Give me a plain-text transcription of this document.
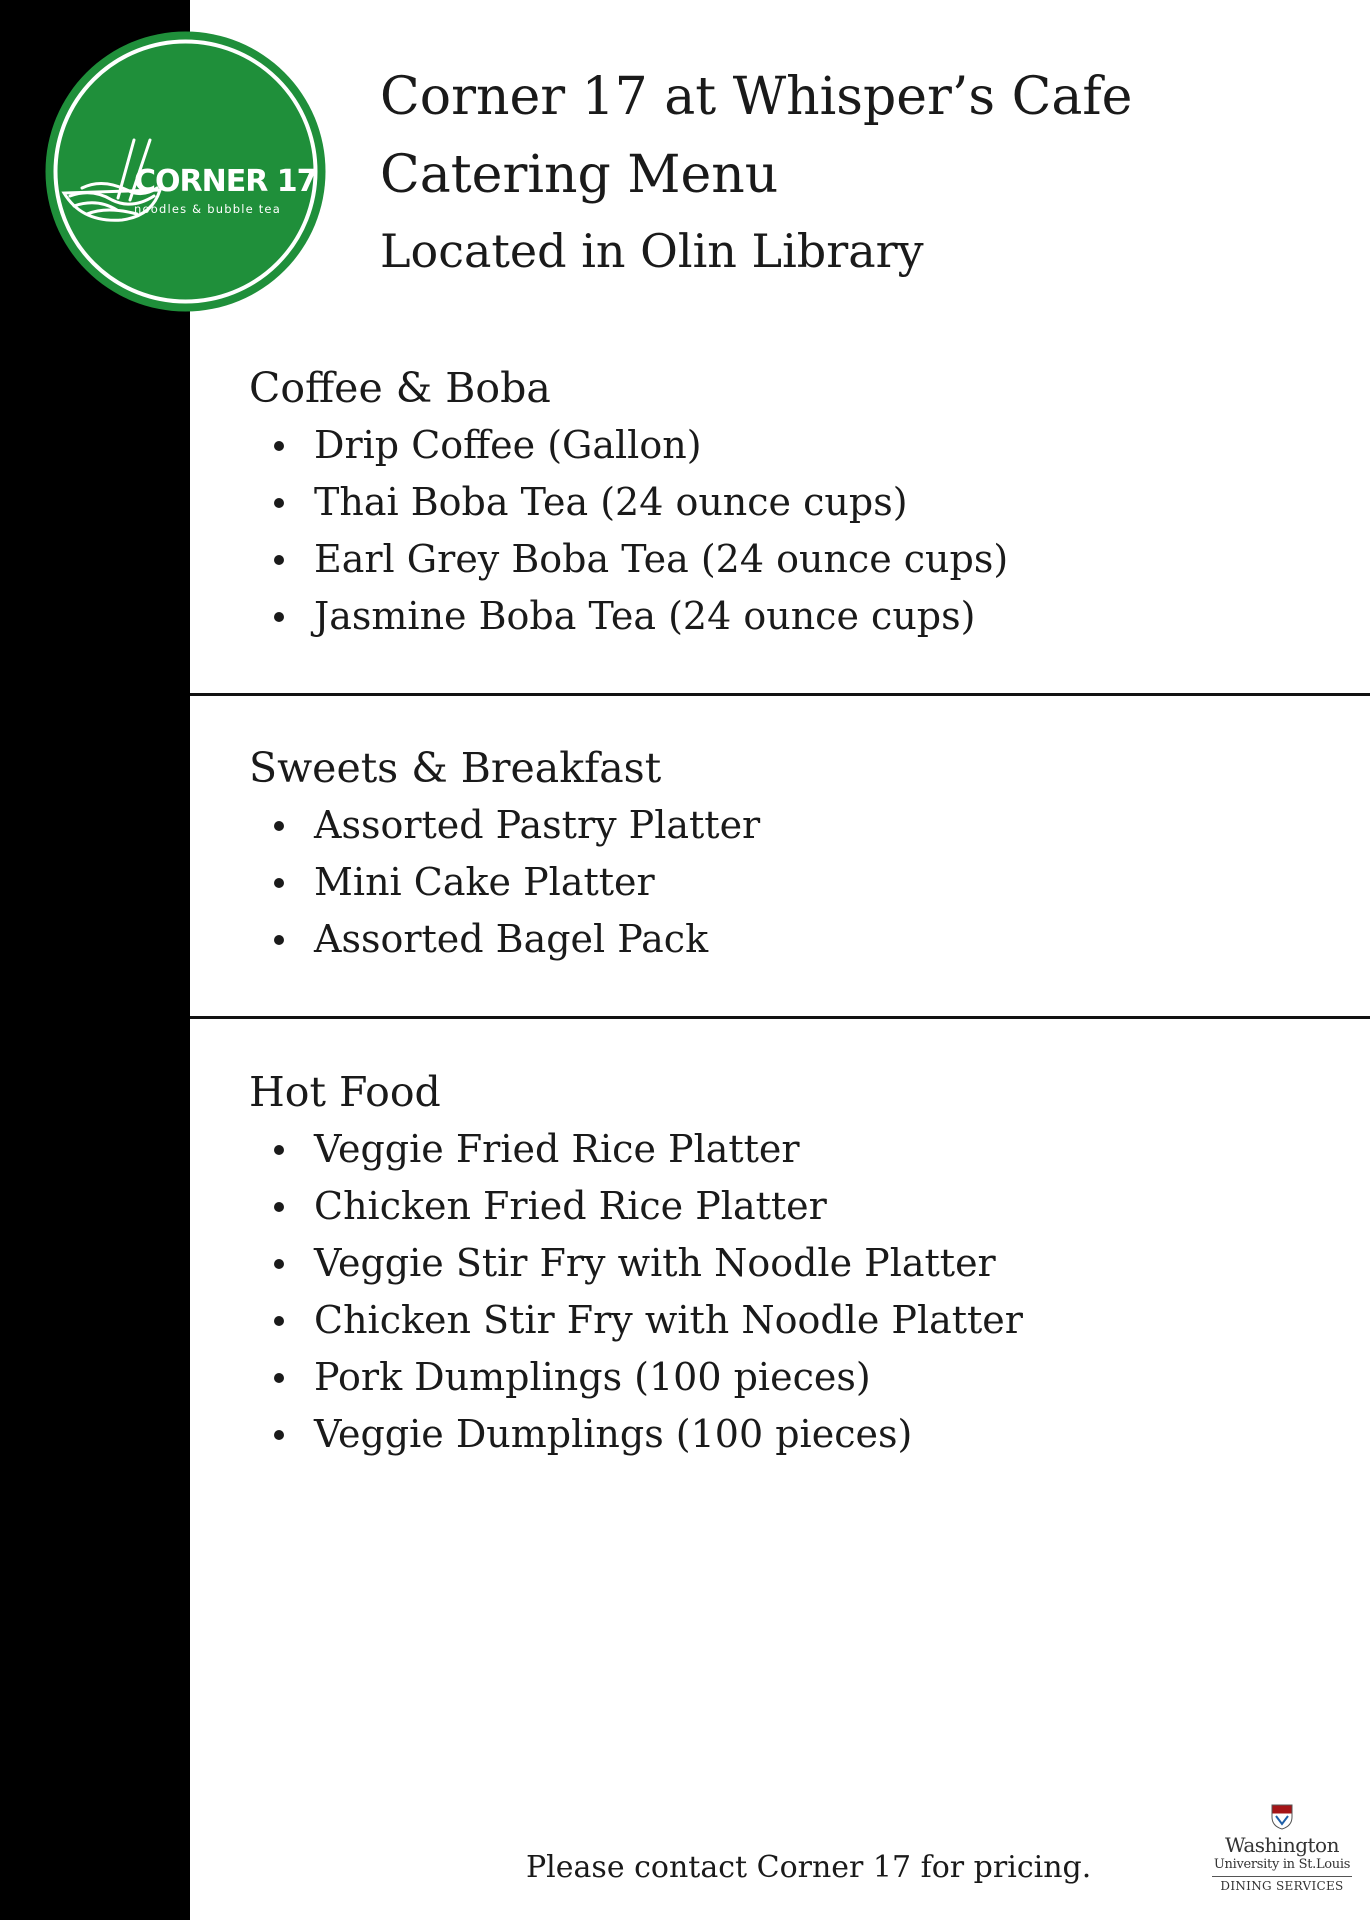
CORNER 17
noodles & bubble tea
Corner 17 at Whisper’s Cafe
Catering Menu
Located in Olin Library
Coffee & Boba
Drip Coffee (Gallon)
Thai Boba Tea (24 ounce cups)
Earl Grey Boba Tea (24 ounce cups)
Jasmine Boba Tea (24 ounce cups)
Sweets & Breakfast
Assorted Pastry Platter
Mini Cake Platter
Assorted Bagel Pack
Hot Food
Veggie Fried Rice Platter
Chicken Fried Rice Platter
Veggie Stir Fry with Noodle Platter
Chicken Stir Fry with Noodle Platter
Pork Dumplings (100 pieces)
Veggie Dumplings (100 pieces)
Please contact Corner 17 for pricing.
Washington
University in St.Louis
DINING SERVICES
